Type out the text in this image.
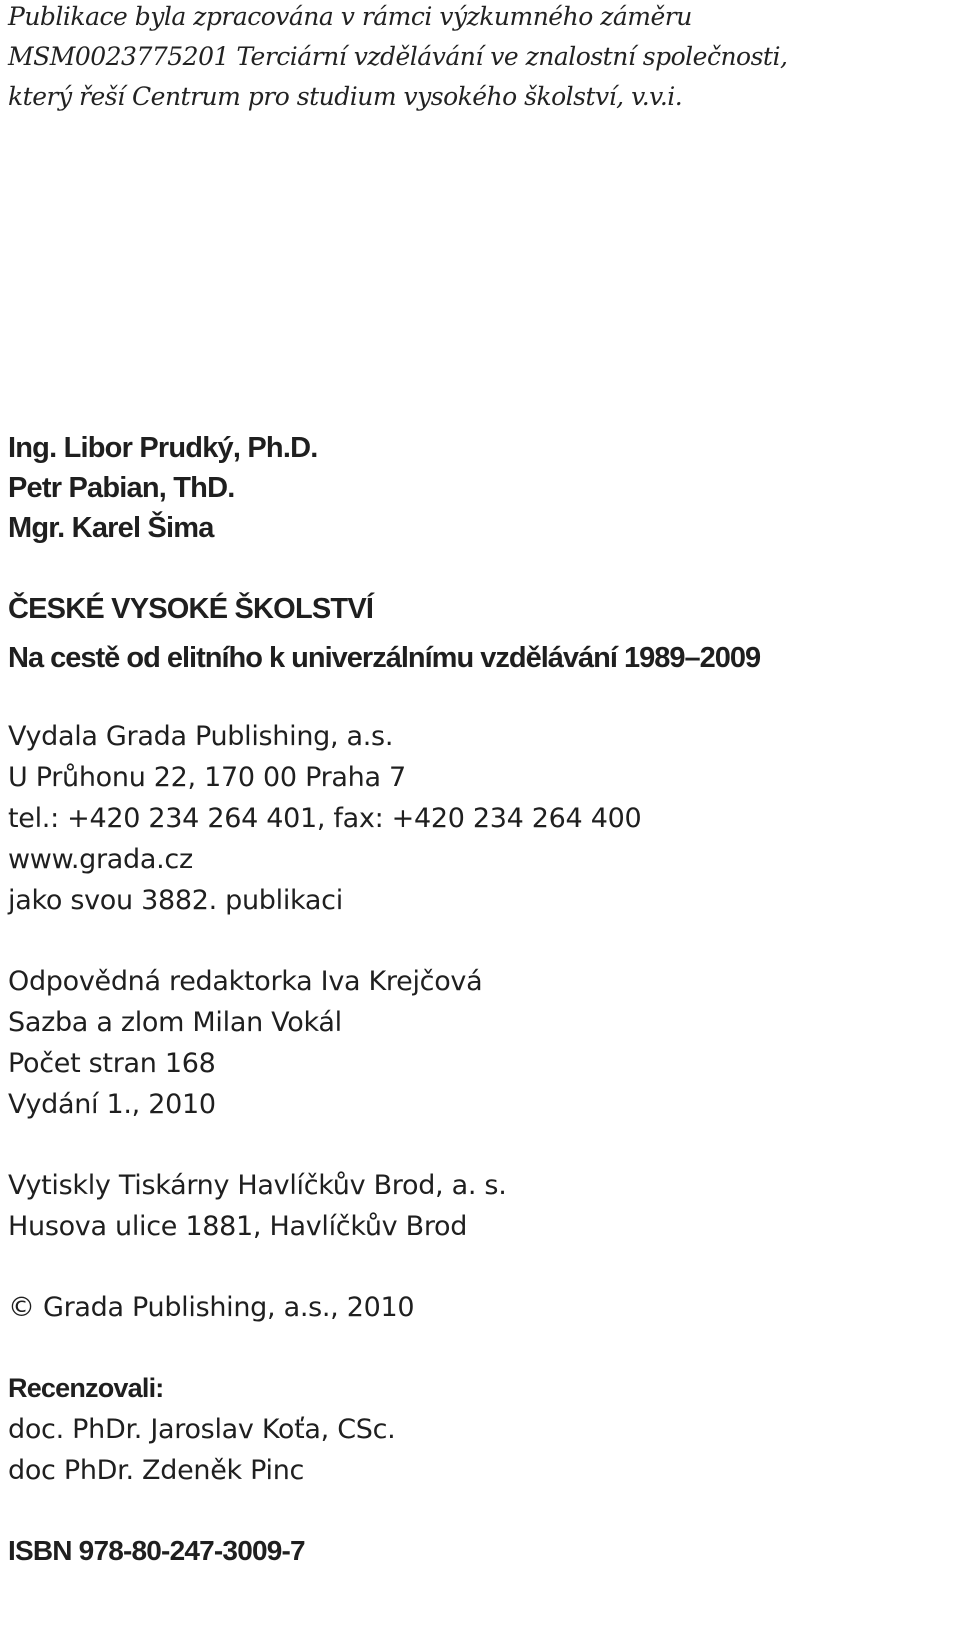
Publikace byla zpracována v rámci výzkumného záměru

MSM0023775201 Terciární vzdělávání ve znalostní společnosti,

který řeší Centrum pro studium vysokého školství, v.v.i.

Ing. Libor Prudký, Ph.D.

Petr Pabian, ThD.

Mgr. Karel Šima

ČESKÉ VYSOKÉ ŠKOLSTVÍ

Na cestě od elitního k univerzálnímu vzdělávání 1989–2009

Vydala Grada Publishing, a.s.

U Průhonu 22, 170 00 Praha 7

tel.: +420 234 264 401, fax: +420 234 264 400

www.grada.cz

jako svou 3882. publikaci

Odpovědná redaktorka Iva Krejčová

Sazba a zlom Milan Vokál

Počet stran 168

Vydání 1., 2010

Vytiskly Tiskárny Havlíčkův Brod, a. s.

Husova ulice 1881, Havlíčkův Brod

© Grada Publishing, a.s., 2010

Recenzovali:

doc. PhDr. Jaroslav Koťa, CSc.

doc PhDr. Zdeněk Pinc

ISBN 978-80-247-3009-7
